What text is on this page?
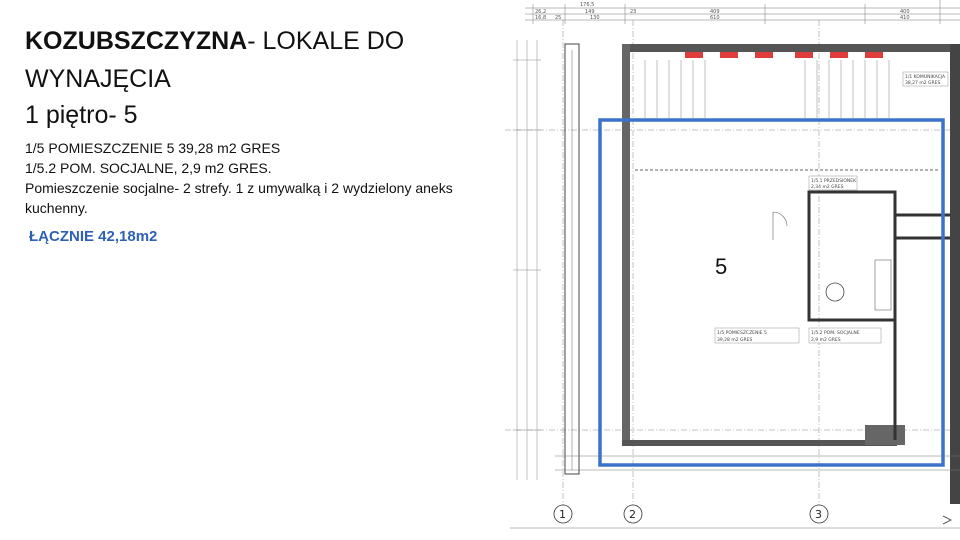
KOZUBSZCZYZNA- LOKALE DO

WYNAJĘCIA

1 piętro- 5

1/5 POMIESZCZENIE 5 39,28 m2 GRES

1/5.2 POM. SOCJALNE, 2,9 m2 GRES.

Pomieszczenie socjalne- 2 strefy. 1 z umywalką i 2 wydzielony aneks kuchenny.

ŁĄCZNIE 42,18m2

176,5
26,2	149	23	409	400
16,8 25	130	610	410
1/1 KOMUNIKACJA
38,27 m2 GRES
1/5.1 PRZEDSIONEK
2,34 m2 GRES
1/5 POMIESZCZENIE 5
39,28 m2 GRES
1/5.2 POM. SOCJALNE
2,9 m2 GRES
5
1	2	3
